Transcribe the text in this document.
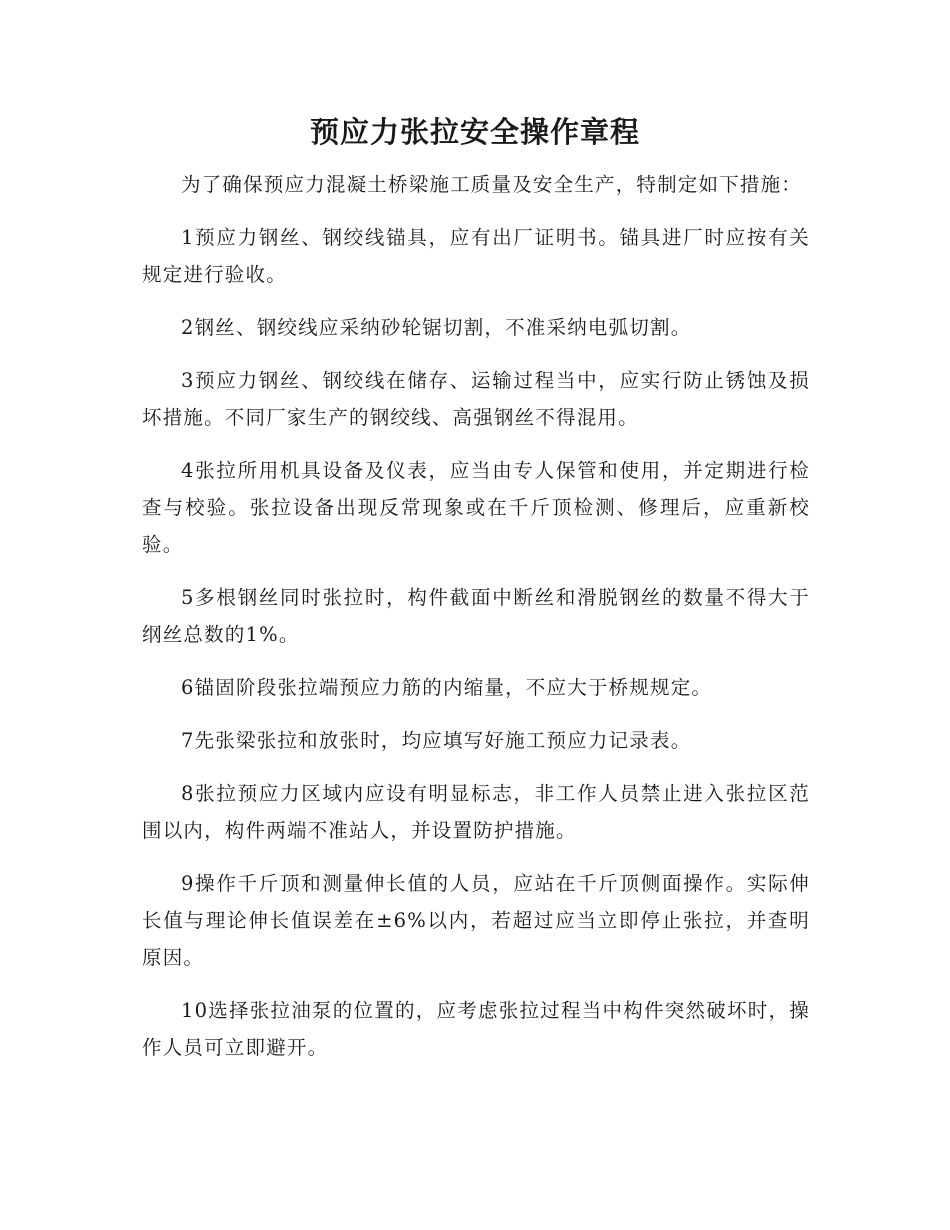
预应力张拉安全操作章程

为了确保预应力混凝土桥梁施工质量及安全生产，特制定如下措施：

1预应力钢丝、钢绞线锚具，应有出厂证明书。锚具进厂时应按有关规定进行验收。

2钢丝、钢绞线应采纳砂轮锯切割，不准采纳电弧切割。

3预应力钢丝、钢绞线在储存、运输过程当中，应实行防止锈蚀及损坏措施。不同厂家生产的钢绞线、高强钢丝不得混用。

4张拉所用机具设备及仪表，应当由专人保管和使用，并定期进行检查与校验。张拉设备出现反常现象或在千斤顶检测、修理后，应重新校验。

5多根钢丝同时张拉时，构件截面中断丝和滑脱钢丝的数量不得大于纲丝总数的1%。

6锚固阶段张拉端预应力筋的内缩量，不应大于桥规规定。

7先张梁张拉和放张时，均应填写好施工预应力记录表。

8张拉预应力区域内应设有明显标志，非工作人员禁止进入张拉区范围以内，构件两端不准站人，并设置防护措施。

9操作千斤顶和测量伸长值的人员，应站在千斤顶侧面操作。实际伸长值与理论伸长值误差在±6%以内，若超过应当立即停止张拉，并查明原因。

10选择张拉油泵的位置的，应考虑张拉过程当中构件突然破坏时，操作人员可立即避开。
